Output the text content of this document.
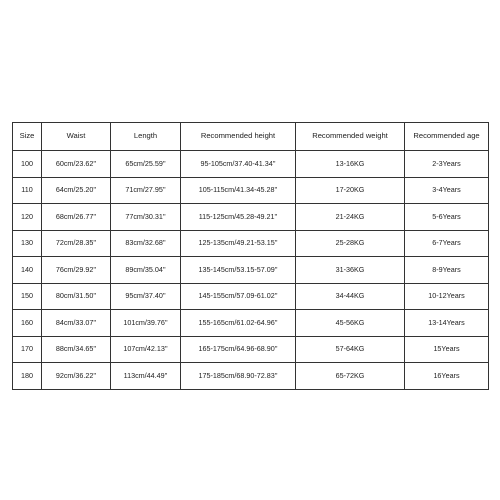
Size	Waist	Length	Recommended height	Recommended weight	Recommended age
100	60cm/23.62''	65cm/25.59''	95-105cm/37.40-41.34''	13-16KG	2-3Years
110	64cm/25.20''	71cm/27.95''	105-115cm/41.34-45.28''	17-20KG	3-4Years
120	68cm/26.77''	77cm/30.31''	115-125cm/45.28-49.21''	21-24KG	5-6Years
130	72cm/28.35''	83cm/32.68''	125-135cm/49.21-53.15''	25-28KG	6-7Years
140	76cm/29.92''	89cm/35.04''	135-145cm/53.15-57.09''	31-36KG	8-9Years
150	80cm/31.50''	95cm/37.40''	145-155cm/57.09-61.02''	34-44KG	10-12Years
160	84cm/33.07''	101cm/39.76''	155-165cm/61.02-64.96''	45-56KG	13-14Years
170	88cm/34.65''	107cm/42.13''	165-175cm/64.96-68.90''	57-64KG	15Years
180	92cm/36.22''	113cm/44.49''	175-185cm/68.90-72.83''	65-72KG	16Years
